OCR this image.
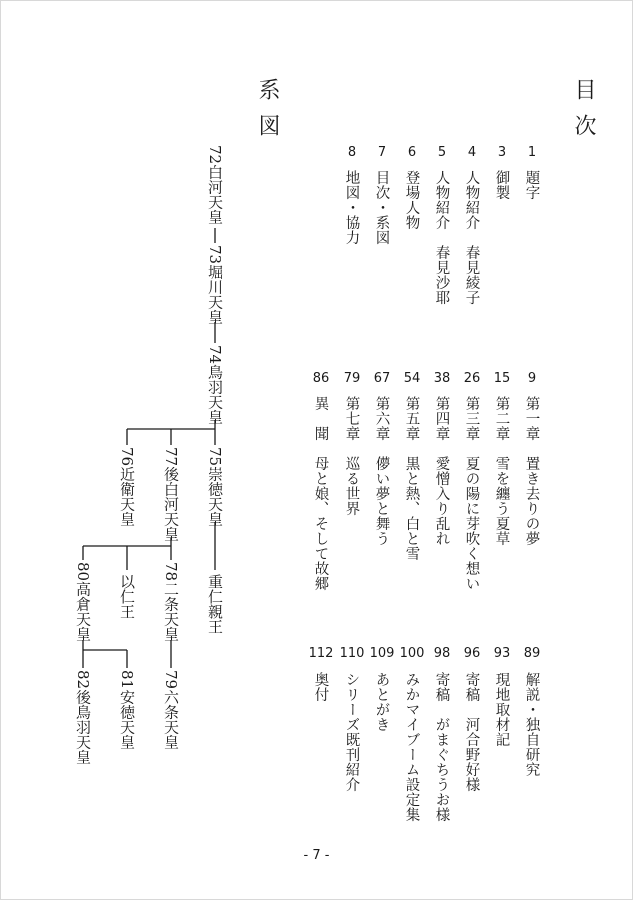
目次
1
題字
3
御製
4
人物紹介　春見綾子
5
人物紹介　春見沙耶
6
登場人物
7
目次・系図
8
地図・協力
9
第一章　置き去りの夢
15
第二章　雪を纏う夏草
26
第三章　夏の陽に芽吹く想い
38
第四章　愛憎入り乱れ
54
第五章　黒と熱、白と雪
67
第六章　儚い夢と舞う
79
第七章　巡る世界
86
異　聞　母と娘、そして故郷
89
解説・独自研究
93
現地取材記
96
寄稿　河合野好様
98
寄稿　がまぐちうお様
100
みかマイブーム設定集
109
あとがき
110
シリーズ既刊紹介
112
奥付
系図
72白河天皇
73堀川天皇
74鳥羽天皇
75崇徳天皇
76近衛天皇 77後白河天皇
重仁親王
78二条天皇
以仁王
80高倉天皇
79六条天皇
81安徳天皇
82後鳥羽天皇
- 7 -
